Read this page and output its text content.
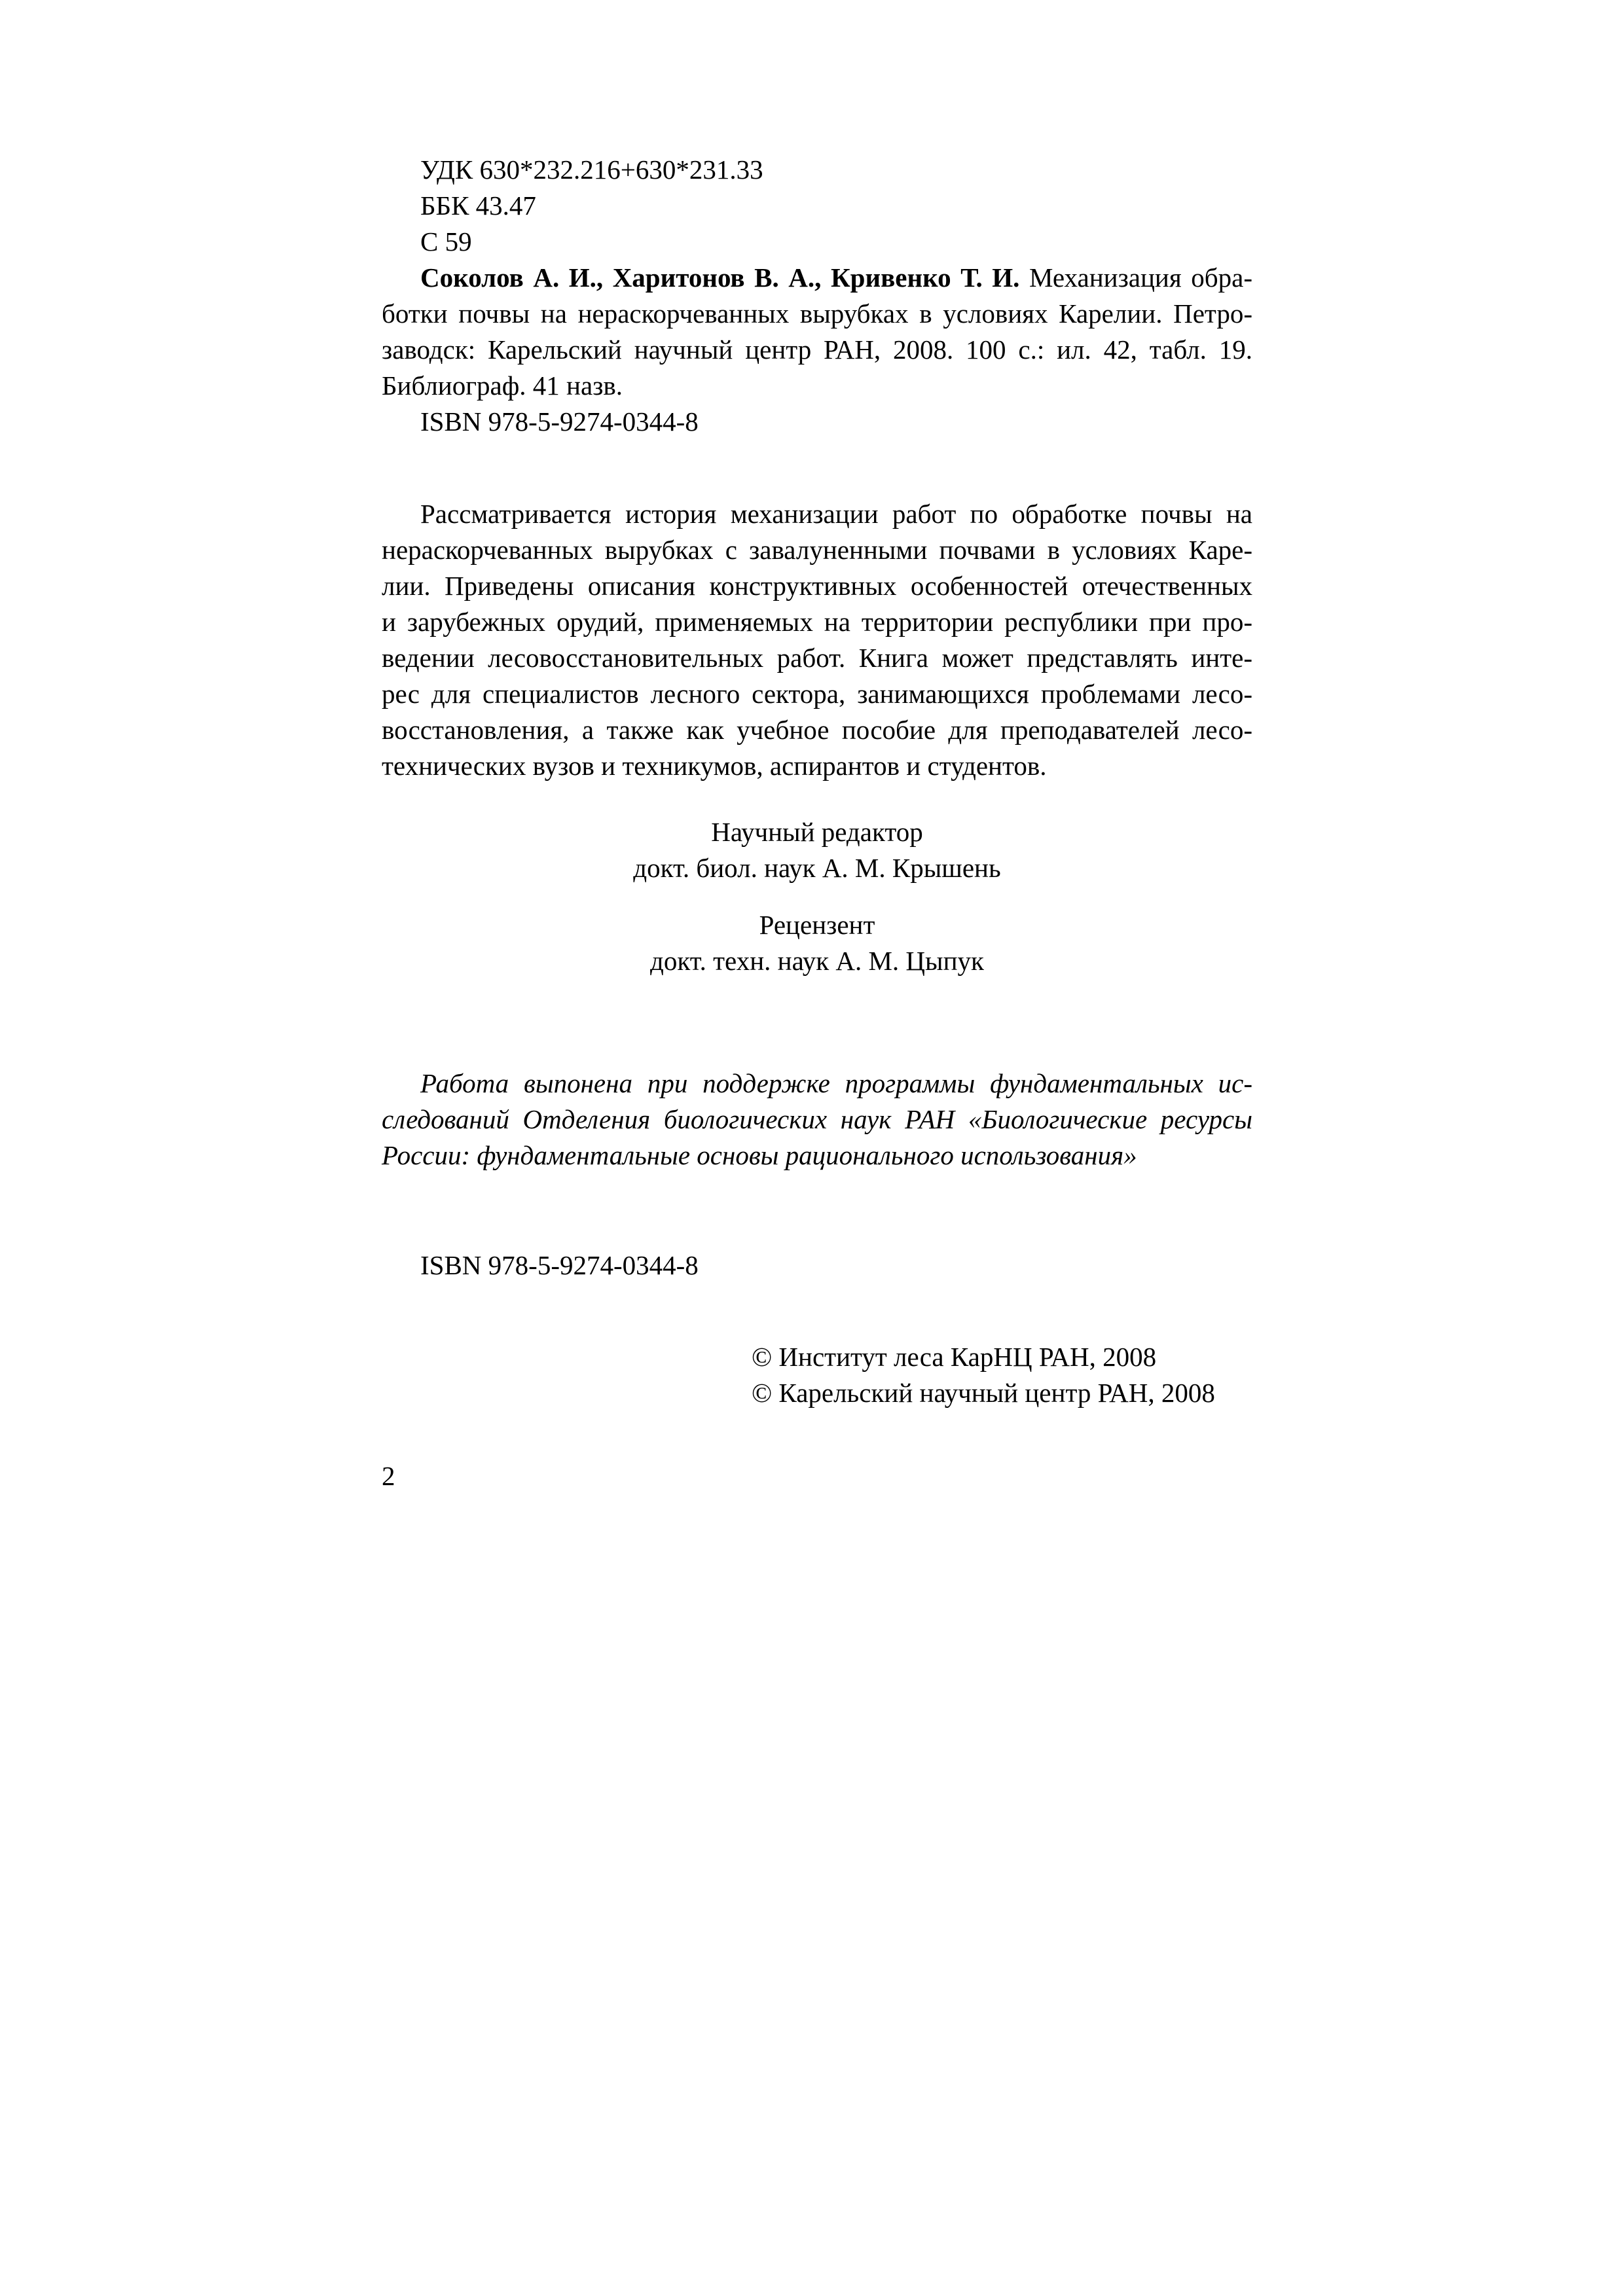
УДК 630*232.216+630*231.33
ББК 43.47
С 59
Соколов А. И., Харитонов В. А., Кривенко Т. И. Механизация обра-
ботки почвы на нераскорчеванных вырубках в условиях Карелии. Петро-
заводск: Карельский научный центр РАН, 2008. 100 с.: ил. 42, табл. 19.
Библиограф. 41 назв.
ISBN 978-5-9274-0344-8
Рассматривается история механизации работ по обработке почвы на
нераскорчеванных вырубках с завалуненными почвами в условиях Каре-
лии. Приведены описания конструктивных особенностей отечественных
и зарубежных орудий, применяемых на территории республики при про-
ведении лесовосстановительных работ. Книга может представлять инте-
рес для специалистов лесного сектора, занимающихся проблемами лесо-
восстановления, а также как учебное пособие для преподавателей лесо-
технических вузов и техникумов, аспирантов и студентов.
Научный редактор
докт. биол. наук А. М. Крышень
Рецензент
докт. техн. наук А. М. Цыпук
Работа выпонена при поддержке программы фундаментальных ис-
следований Отделения биологических наук РАН «Биологические ресурсы
России: фундаментальные основы рационального использования»
ISBN 978-5-9274-0344-8
© Институт леса КарНЦ РАН, 2008
© Карельский научный центр РАН, 2008
2
